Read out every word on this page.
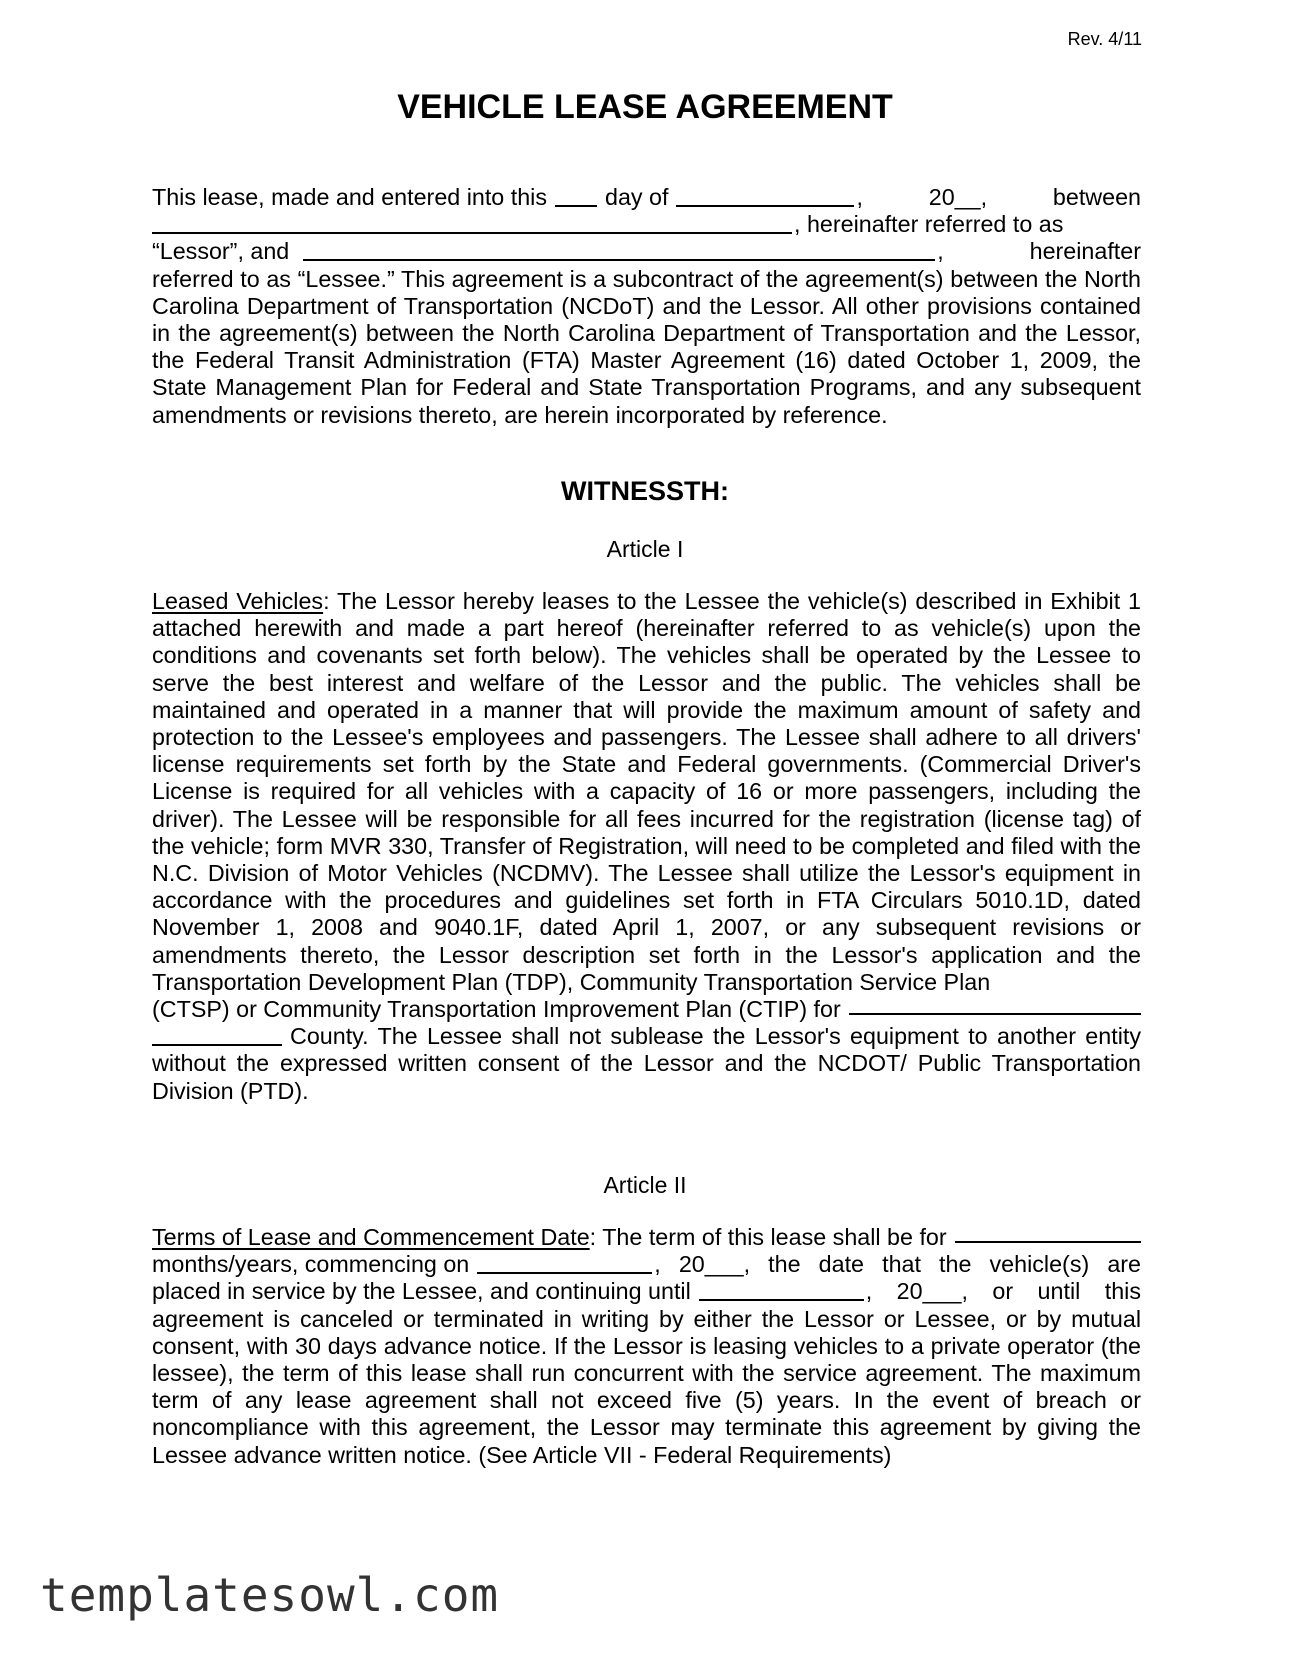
Rev. 4/11
VEHICLE LEASE AGREEMENT
This lease, made and entered into this day of	,	20__,	between
, hereinafter referred to as
“Lessor”, and	,	hereinafter
referred to as “Lessee.” This agreement is a subcontract of the agreement(s) between the North Carolina Department of Transportation (NCDoT) and the Lessor. All other provisions contained in the agreement(s) between the North Carolina Department of Transportation and the Lessor, the Federal Transit Administration (FTA) Master Agreement (16) dated October 1, 2009, the State Management Plan for Federal and State Transportation Programs, and any subsequent amendments or revisions thereto, are herein incorporated by reference.
WITNESSTH:
Article I
Leased Vehicles: The Lessor hereby leases to the Lessee the vehicle(s) described in Exhibit 1 attached herewith and made a part hereof (hereinafter referred to as vehicle(s) upon the conditions and covenants set forth below). The vehicles shall be operated by the Lessee to serve the best interest and welfare of the Lessor and the public. The vehicles shall be maintained and operated in a manner that will provide the maximum amount of safety and protection to the Lessee's employees and passengers. The Lessee shall adhere to all drivers' license requirements set forth by the State and Federal governments. (Commercial Driver's License is required for all vehicles with a capacity of 16 or more passengers, including the driver). The Lessee will be responsible for all fees incurred for the registration (license tag) of the vehicle; form MVR 330, Transfer of Registration, will need to be completed and filed with the N.C. Division of Motor Vehicles (NCDMV). The Lessee shall utilize the Lessor's equipment in accordance with the procedures and guidelines set forth in FTA Circulars 5010.1D, dated November 1, 2008 and 9040.1F, dated April 1, 2007, or any subsequent revisions or amendments thereto, the Lessor description set forth in the Lessor's application and the Transportation Development Plan (TDP), Community Transportation Service Plan
(CTSP) or Community Transportation Improvement Plan (CTIP) for
County. The Lessee shall not sublease the Lessor's equipment to another entity without the expressed written consent of the Lessor and the NCDOT/ Public Transportation Division (PTD).
Article II
Terms of Lease and Commencement Date : The term of this lease shall be for
months/years, commencing on	, 20___, the date that the vehicle(s) are
placed in service by the Lessee, and continuing until	, 20___, or until this
agreement is canceled or terminated in writing by either the Lessor or Lessee, or by mutual consent, with 30 days advance notice. If the Lessor is leasing vehicles to a private operator (the lessee), the term of this lease shall run concurrent with the service agreement. The maximum term of any lease agreement shall not exceed five (5) years. In the event of breach or noncompliance with this agreement, the Lessor may terminate this agreement by giving the Lessee advance written notice. (See Article VII - Federal Requirements)
templatesowl.com
